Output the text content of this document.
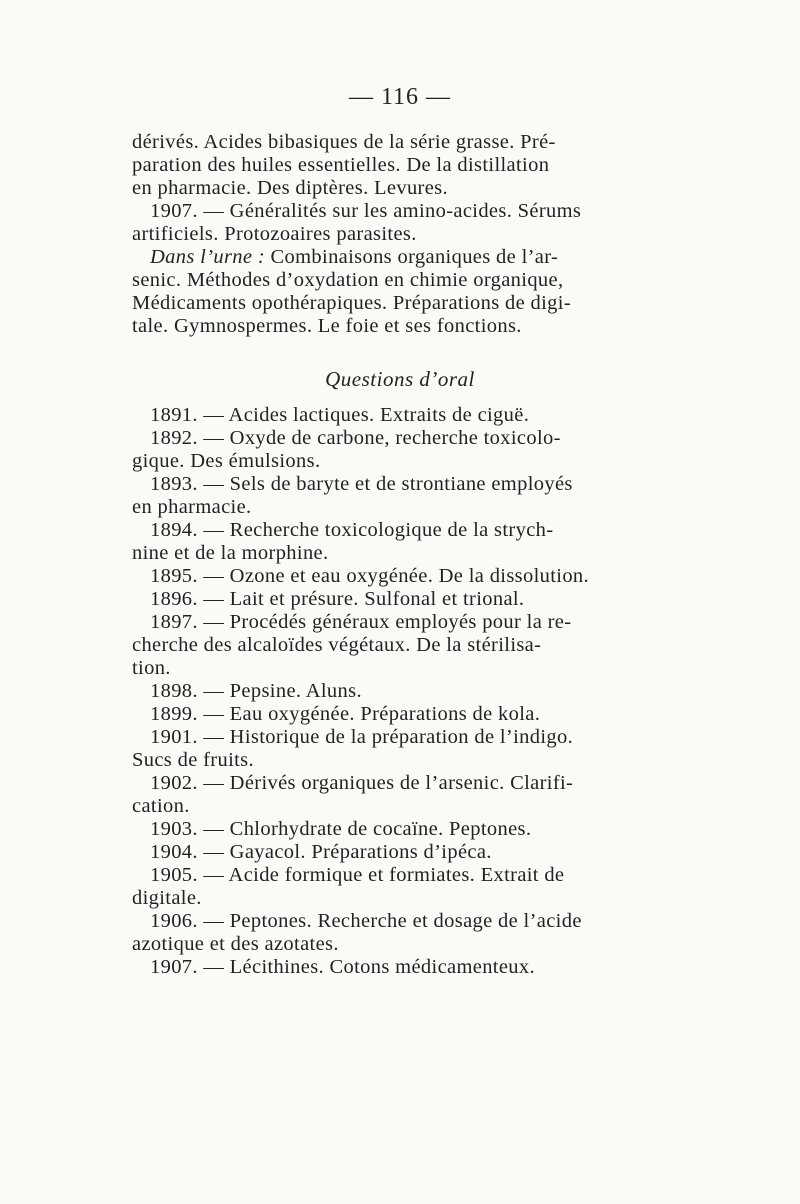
— 116 —

dérivés. Acides bibasiques de la série grasse. Pré-

paration des huiles essentielles. De la distillation

en pharmacie. Des diptères. Levures.

1907. — Généralités sur les amino-acides. Sérums

artificiels. Protozoaires parasites.

Dans l’urne : Combinaisons organiques de l’ar-

senic. Méthodes d’oxydation en chimie organique,

Médicaments opothérapiques. Préparations de digi-

tale. Gymnospermes. Le foie et ses fonctions.

Questions d’oral

1891. — Acides lactiques. Extraits de ciguë.

1892. — Oxyde de carbone, recherche toxicolo-

gique. Des émulsions.

1893. — Sels de baryte et de strontiane employés

en pharmacie.

1894. — Recherche toxicologique de la strych-

nine et de la morphine.

1895. — Ozone et eau oxygénée. De la dissolution.

1896. — Lait et présure. Sulfonal et trional.

1897. — Procédés généraux employés pour la re-

cherche des alcaloïdes végétaux. De la stérilisa-

tion.

1898. — Pepsine. Aluns.

1899. — Eau oxygénée. Préparations de kola.

1901. — Historique de la préparation de l’indigo.

Sucs de fruits.

1902. — Dérivés organiques de l’arsenic. Clarifi-

cation.

1903. — Chlorhydrate de cocaïne. Peptones.

1904. — Gayacol. Préparations d’ipéca.

1905. — Acide formique et formiates. Extrait de

digitale.

1906. — Peptones. Recherche et dosage de l’acide

azotique et des azotates.

1907. — Lécithines. Cotons médicamenteux.
